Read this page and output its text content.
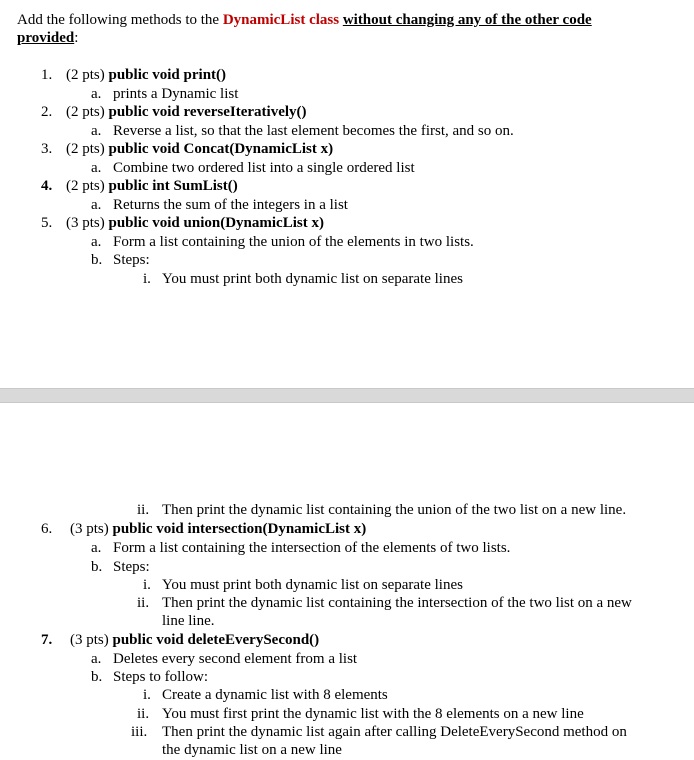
Add the following methods to the DynamicList class without changing any of the other code
provided:
1. (2 pts) public void print()
a. prints a Dynamic list
2. (2 pts) public void reverseIteratively()
a. Reverse a list, so that the last element becomes the first, and so on.
3. (2 pts) public void Concat(DynamicList x)
a. Combine two ordered list into a single ordered list
4. (2 pts) public int SumList()
a. Returns the sum of the integers in a list
5. (3 pts) public void union(DynamicList x)
a. Form a list containing the union of the elements in two lists.
b. Steps:
i. You must print both dynamic list on separate lines
ii. Then print the dynamic list containing the union of the two list on a new line.
6. (3 pts) public void intersection(DynamicList x)
a. Form a list containing the intersection of the elements of two lists.
b. Steps:
i. You must print both dynamic list on separate lines
ii. Then print the dynamic list containing the intersection of the two list on a new
line line.
7. (3 pts) public void deleteEverySecond()
a. Deletes every second element from a list
b. Steps to follow:
i. Create a dynamic list with 8 elements
ii. You must first print the dynamic list with the 8 elements on a new line
iii. Then print the dynamic list again after calling DeleteEverySecond method on
the dynamic list on a new line
